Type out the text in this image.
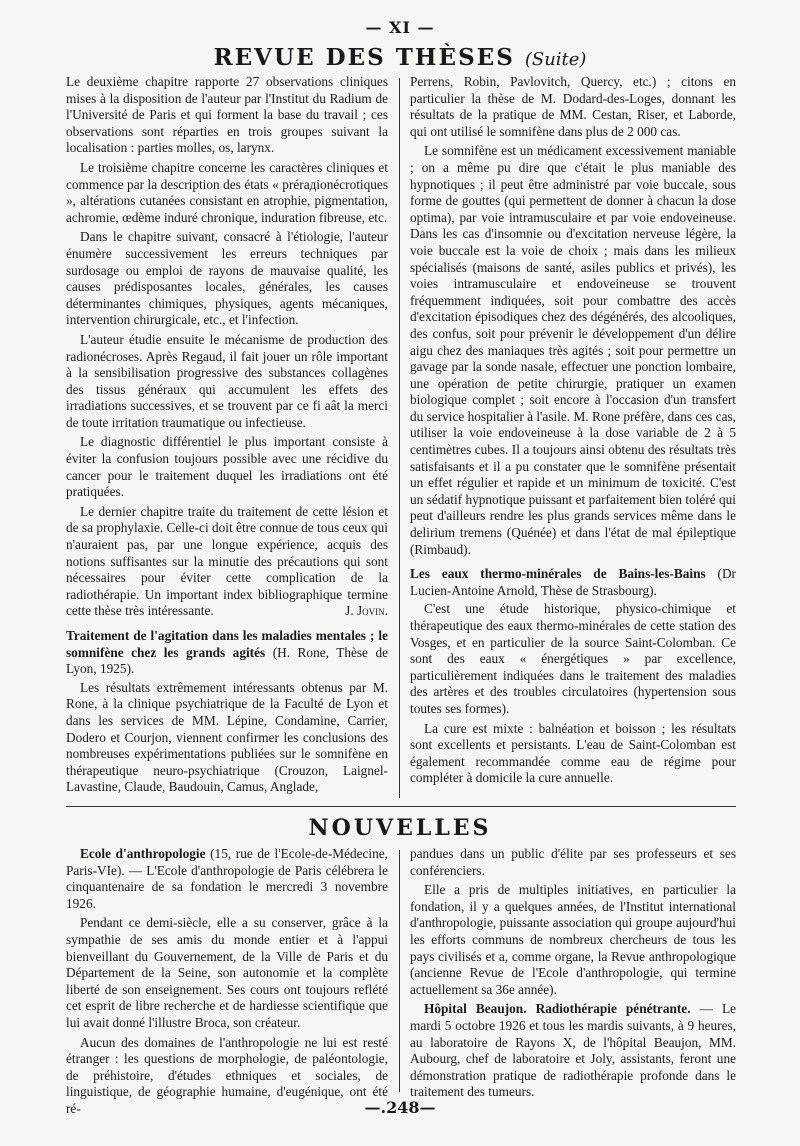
— XI —
REVUE DES THÈSES (Suite)

Le deuxième chapitre rapporte 27 observations cliniques mises à la disposition de l'auteur par l'Institut du Radium de l'Université de Paris et qui forment la base du travail ; ces observations sont réparties en trois groupes suivant la localisation : parties molles, os, larynx.

Le troisième chapitre concerne les caractères cliniques et commence par la description des états « prérадionécrotiques », altérations cutanées consistant en atrophie, pigmentation, achromie, œdème induré chronique, induration fibreuse, etc.

Dans le chapitre suivant, consacré à l'étiologie, l'auteur énumère successivement les erreurs techniques par surdosage ou emploi de rayons de mauvaise qualité, les causes prédisposantes locales, générales, les causes déterminantes chimiques, physiques, agents mécaniques, intervention chirurgicale, etc., et l'infection.

L'auteur étudie ensuite le mécanisme de production des radionécroses. Après Regaud, il fait jouer un rôle important à la sensibilisation progressive des substances collagènes des tissus généraux qui accumulent les effets des irradiations successives, et se trouvent par ce fi aât la merci de toute irritation traumatique ou infectieuse.

Le diagnostic différentiel le plus important consiste à éviter la confusion toujours possible avec une récidive du cancer pour le traitement duquel les irradiations ont été pratiquées.

Le dernier chapitre traite du traitement de cette lésion et de sa prophylaxie. Celle-ci doit être connue de tous ceux qui n'auraient pas, par une longue expérience, acquis des notions suffisantes sur la minutie des précautions qui sont nécessaires pour éviter cette complication de la radiothérapie. Un important index bibliographique termine cette thèse très intéressante.	J. Jovin.

Traitement de l'agitation dans les maladies mentales ; le somnifène chez les grands agités (H. Rone, Thèse de Lyon, 1925).

Les résultats extrêmement intéressants obtenus par M. Rone, à la clinique psychiatrique de la Faculté de Lyon et dans les services de MM. Lépine, Condamine, Carrier, Dodero et Courjon, viennent confirmer les conclusions des nombreuses expérimentations publiées sur le somnifène en thérapeutique neuro-psychiatrique (Crouzon, Laignel-Lavastine, Claude, Baudouin, Camus, Anglade,

Perrens, Robin, Pavlovitch, Quercy, etc.) ; citons en particulier la thèse de M. Dodard-des-Loges, donnant les résultats de la pratique de MM. Cestan, Riser, et Laborde, qui ont utilisé le somnifène dans plus de 2 000 cas.

Le somnifène est un médicament excessivement maniable ; on a même pu dire que c'était le plus maniable des hypnotiques ; il peut être administré par voie buccale, sous forme de gouttes (qui permettent de donner à chacun la dose optima), par voie intramusculaire et par voie endoveineuse. Dans les cas d'insomnie ou d'excitation nerveuse légère, la voie buccale est la voie de choix ; mais dans les milieux spécialisés (maisons de santé, asiles publics et privés), les voies intramusculaire et endoveineuse se trouvent fréquemment indiquées, soit pour combattre des accès d'excitation épisodiques chez des dégénérés, des alcooliques, des confus, soit pour prévenir le développement d'un délire aigu chez des maniaques très agités ; soit pour permettre un gavage par la sonde nasale, effectuer une ponction lombaire, une opération de petite chirurgie, pratiquer un examen biologique complet ; soit encore à l'occasion d'un transfert du service hospitalier à l'asile. M. Rone préfère, dans ces cas, utiliser la voie endoveineuse à la dose variable de 2 à 5 centimètres cubes. Il a toujours ainsi obtenu des résultats très satisfaisants et il a pu constater que le somnifène présentait un effet régulier et rapide et un minimum de toxicité. C'est un sédatif hypnotique puissant et parfaitement bien toléré qui peut d'ailleurs rendre les plus grands services même dans le delirium tremens (Quénée) et dans l'état de mal épileptique (Rimbaud).

Les eaux thermo-minérales de Bains-les-Bains (Dr Lucien-Antoine Arnold, Thèse de Strasbourg).

C'est une étude historique, physico-chimique et thérapeutique des eaux thermo-minérales de cette station des Vosges, et en particulier de la source Saint-Colomban. Ce sont des eaux « énergétiques » par excellence, particulièrement indiquées dans le traitement des maladies des artères et des troubles circulatoires (hypertension sous toutes ses formes).

La cure est mixte : balnéation et boisson ; les résultats sont excellents et persistants. L'eau de Saint-Colomban est également recommandée comme eau de régime pour compléter à domicile la cure annuelle.

NOUVELLES

Ecole d'anthropologie (15, rue de l'Ecole-de-Médecine, Paris-VIe). — L'Ecole d'anthropologie de Paris célébrera le cinquantenaire de sa fondation le mercredi 3 novembre 1926.

Pendant ce demi-siècle, elle a su conserver, grâce à la sympathie de ses amis du monde entier et à l'appui bienveillant du Gouvernement, de la Ville de Paris et du Département de la Seine, son autonomie et la complète liberté de son enseignement. Ses cours ont toujours reflété cet esprit de libre recherche et de hardiesse scientifique que lui avait donné l'illustre Broca, son créateur.

Aucun des domaines de l'anthropologie ne lui est resté étranger : les questions de morphologie, de paléontologie, de préhistoire, d'études ethniques et sociales, de linguistique, de géographie humaine, d'eugénique, ont été ré-

pandues dans un public d'élite par ses professeurs et ses conférenciers.

Elle a pris de multiples initiatives, en particulier la fondation, il y a quelques années, de l'Institut international d'anthropologie, puissante association qui groupe aujourd'hui les efforts communs de nombreux chercheurs de tous les pays civilisés et a, comme organe, la Revue anthropologique (ancienne Revue de l'Ecole d'anthropologie, qui termine actuellement sa 36e année).

Hôpital Beaujon. Radiothérapie pénétrante. — Le mardi 5 octobre 1926 et tous les mardis suivants, à 9 heures, au laboratoire de Rayons X, de l'hôpital Beaujon, MM. Aubourg, chef de laboratoire et Joly, assistants, feront une démonstration pratique de radiothérapie profonde dans le traitement des tumeurs.

—.248—
